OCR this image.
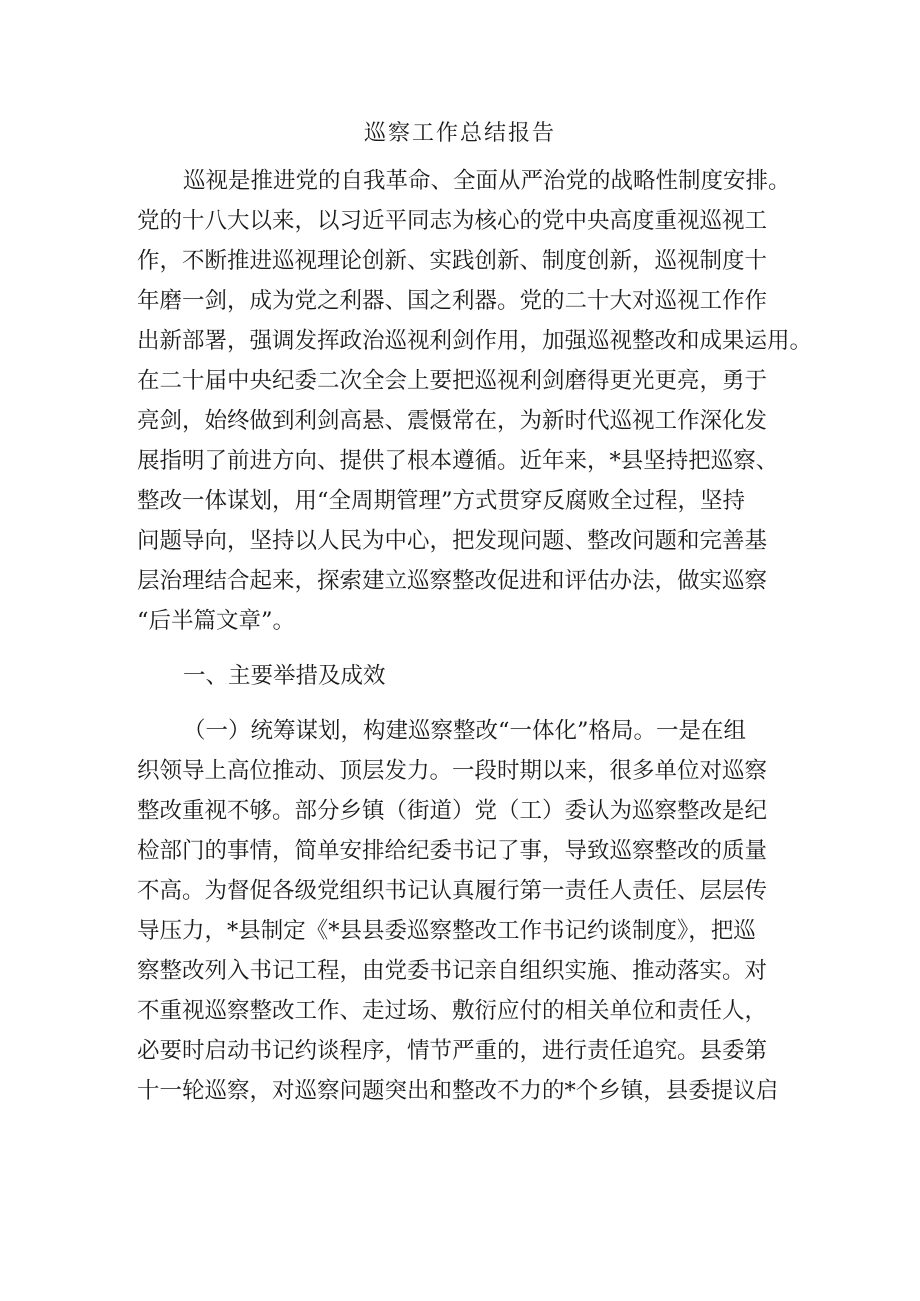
巡察工作总结报告
巡视是推进党的自我革命、全面从严治党的战略性制度安排。
党的十八大以来，以习近平同志为核心的党中央高度重视巡视工
作，不断推进巡视理论创新、实践创新、制度创新，巡视制度十
年磨一剑，成为党之利器、国之利器。党的二十大对巡视工作作
出新部署，强调发挥政治巡视利剑作用，加强巡视整改和成果运用。
在二十届中央纪委二次全会上要把巡视利剑磨得更光更亮，勇于
亮剑，始终做到利剑高悬、震慑常在，为新时代巡视工作深化发
展指明了前进方向、提供了根本遵循。近年来，*县坚持把巡察、
整改一体谋划，用“全周期管理”方式贯穿反腐败全过程，坚持
问题导向，坚持以人民为中心，把发现问题、整改问题和完善基
层治理结合起来，探索建立巡察整改促进和评估办法，做实巡察
“后半篇文章”。
一、主要举措及成效
（一）统筹谋划，构建巡察整改“一体化”格局。一是在组
织领导上高位推动、顶层发力。一段时期以来，很多单位对巡察
整改重视不够。部分乡镇（街道）党（工）委认为巡察整改是纪
检部门的事情，简单安排给纪委书记了事，导致巡察整改的质量
不高。为督促各级党组织书记认真履行第一责任人责任、层层传
导压力，*县制定《*县县委巡察整改工作书记约谈制度》，把巡
察整改列入书记工程，由党委书记亲自组织实施、推动落实。对
不重视巡察整改工作、走过场、敷衍应付的相关单位和责任人，
必要时启动书记约谈程序，情节严重的，进行责任追究。县委第
十一轮巡察，对巡察问题突出和整改不力的*个乡镇，县委提议启
